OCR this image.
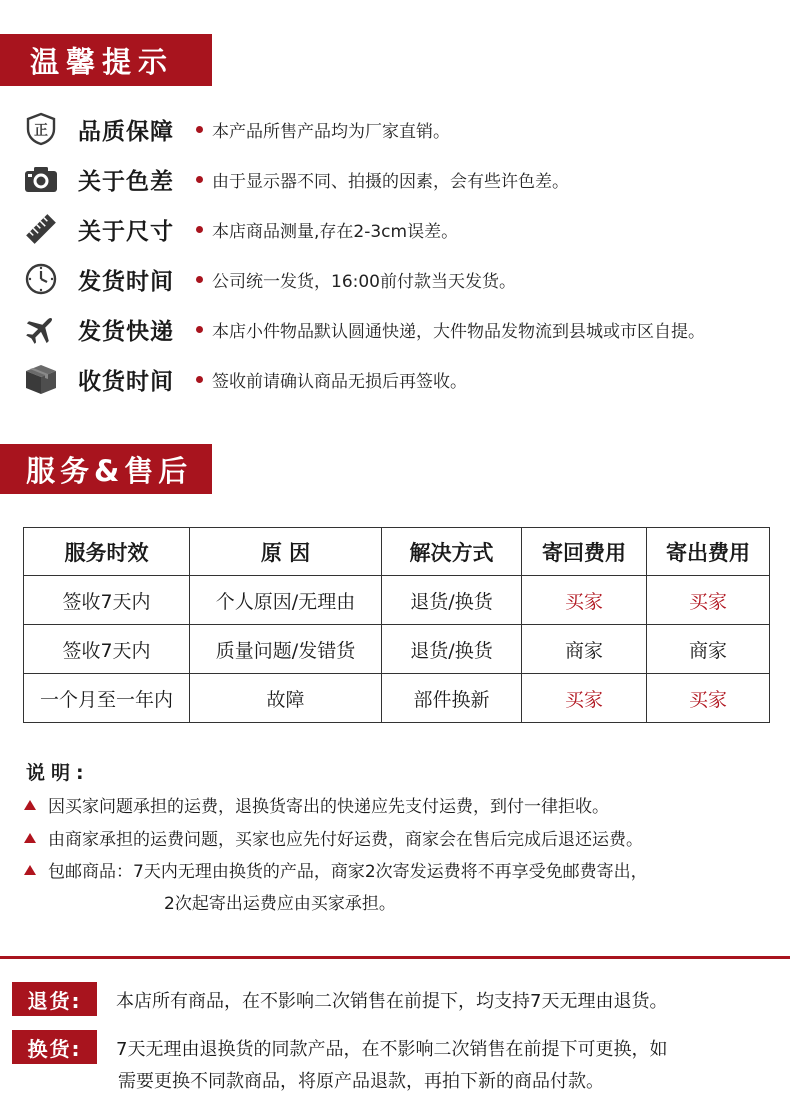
温馨提示
正 品质保障	本产品所售产品均为厂家直销。
关于色差	由于显示器不同、拍摄的因素，会有些许色差。
关于尺寸	本店商品测量,存在2-3cm误差。
发货时间	公司统一发货，16:00前付款当天发货。
发货快递	本店小件物品默认圆通快递，大件物品发物流到县城或市区自提。
收货时间	签收前请确认商品无损后再签收。
服务&售后
服务时效	原 因	解决方式	寄回费用	寄出费用
签收7天内	个人原因/无理由	退货/换货	买家	买家
签收7天内	质量问题/发错货	退货/换货	商家	商家
一个月至一年内	故障	部件换新	买家	买家
说明:
因买家问题承担的运费，退换货寄出的快递应先支付运费，到付一律拒收。
由商家承担的运费问题，买家也应先付好运费，商家会在售后完成后退还运费。
包邮商品：7天内无理由换货的产品，商家2次寄发运费将不再享受免邮费寄出，
2次起寄出运费应由买家承担。
退货:	本店所有商品，在不影响二次销售在前提下，均支持7天无理由退货。
换货:	7天无理由退换货的同款产品，在不影响二次销售在前提下可更换，如
需要更换不同款商品，将原产品退款，再拍下新的商品付款。
